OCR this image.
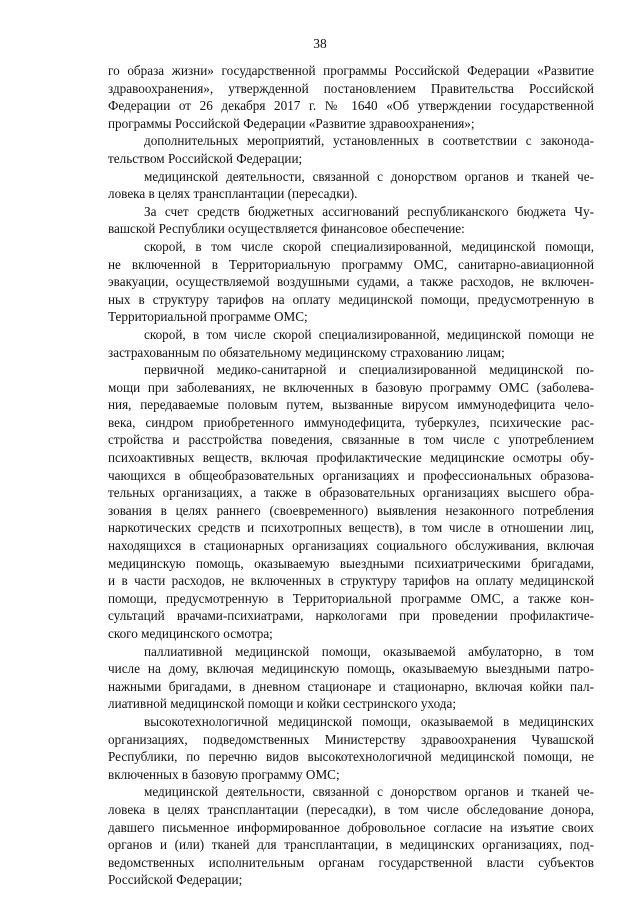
38
го образа жизни» государственной программы Российской Федерации «Развитие
здравоохранения», утвержденной постановлением Правительства Российской
Федерации от 26 декабря 2017 г. № 1640 «Об утверждении государственной
программы Российской Федерации «Развитие здравоохранения»;
дополнительных мероприятий, установленных в соответствии с законода-
тельством Российской Федерации;
медицинской деятельности, связанной с донорством органов и тканей че-
ловека в целях трансплантации (пересадки).
За счет средств бюджетных ассигнований республиканского бюджета Чу-
вашской Республики осуществляется финансовое обеспечение:
скорой, в том числе скорой специализированной, медицинской помощи,
не включенной в Территориальную программу ОМС, санитарно-авиационной
эвакуации, осуществляемой воздушными судами, а также расходов, не включен-
ных в структуру тарифов на оплату медицинской помощи, предусмотренную в
Территориальной программе ОМС;
скорой, в том числе скорой специализированной, медицинской помощи не
застрахованным по обязательному медицинскому страхованию лицам;
первичной медико-санитарной и специализированной медицинской по-
мощи при заболеваниях, не включенных в базовую программу ОМС (заболева-
ния, передаваемые половым путем, вызванные вирусом иммунодефицита чело-
века, синдром приобретенного иммунодефицита, туберкулез, психические рас-
стройства и расстройства поведения, связанные в том числе с употреблением
психоактивных веществ, включая профилактические медицинские осмотры обу-
чающихся в общеобразовательных организациях и профессиональных образова-
тельных организациях, а также в образовательных организациях высшего обра-
зования в целях раннего (своевременного) выявления незаконного потребления
наркотических средств и психотропных веществ), в том числе в отношении лиц,
находящихся в стационарных организациях социального обслуживания, включая
медицинскую помощь, оказываемую выездными психиатрическими бригадами,
и в части расходов, не включенных в структуру тарифов на оплату медицинской
помощи, предусмотренную в Территориальной программе ОМС, а также кон-
сультаций врачами-психиатрами, наркологами при проведении профилактиче-
ского медицинского осмотра;
паллиативной медицинской помощи, оказываемой амбулаторно, в том
числе на дому, включая медицинскую помощь, оказываемую выездными патро-
нажными бригадами, в дневном стационаре и стационарно, включая койки пал-
лиативной медицинской помощи и койки сестринского ухода;
высокотехнологичной медицинской помощи, оказываемой в медицинских
организациях, подведомственных Министерству здравоохранения Чувашской
Республики, по перечню видов высокотехнологичной медицинской помощи, не
включенных в базовую программу ОМС;
медицинской деятельности, связанной с донорством органов и тканей че-
ловека в целях трансплантации (пересадки), в том числе обследование донора,
давшего письменное информированное добровольное согласие на изъятие своих
органов и (или) тканей для трансплантации, в медицинских организациях, под-
ведомственных исполнительным органам государственной власти субъектов
Российской Федерации;
